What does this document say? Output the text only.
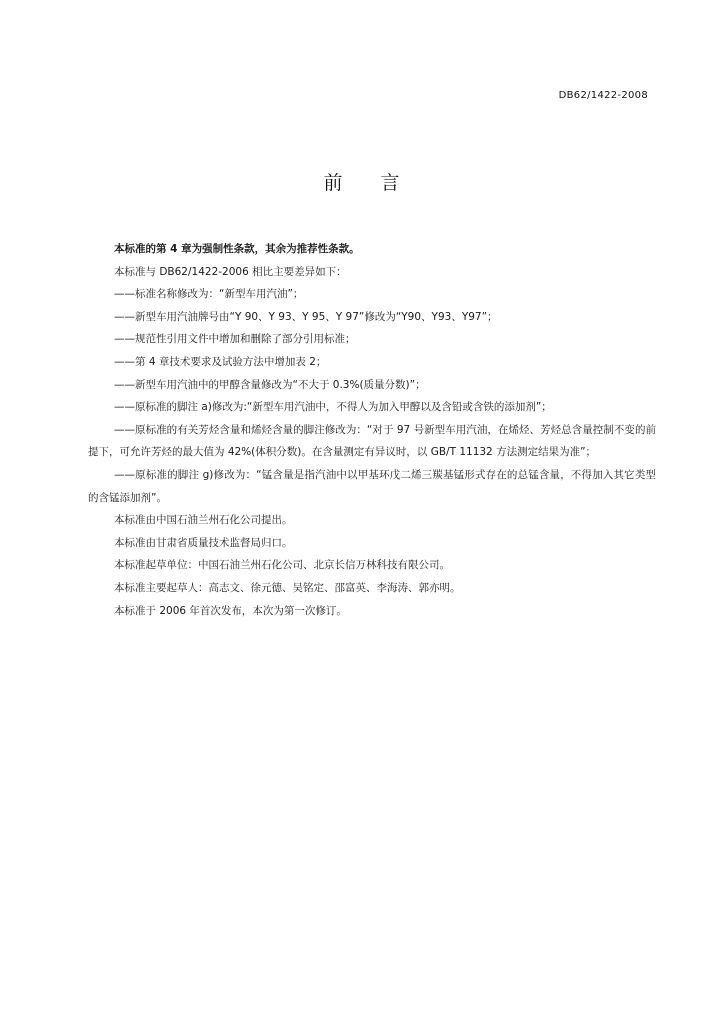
DB62/1422-2008
前 言

本标准的第 4 章为强制性条款，其余为推荐性条款。

本标准与 DB62/1422-2006 相比主要差异如下：

——标准名称修改为：“新型车用汽油”；

——新型车用汽油牌号由“Y 90、Y 93、Y 95、Y 97”修改为“Y90、Y93、Y97”；

——规范性引用文件中增加和删除了部分引用标准；

——第 4 章技术要求及试验方法中增加表 2；

——新型车用汽油中的甲醇含量修改为“不大于 0.3%(质量分数)”；

——原标准的脚注 a)修改为:“新型车用汽油中，不得人为加入甲醇以及含铅或含铁的添加剂”；

——原标准的有关芳烃含量和烯烃含量的脚注修改为：“对于 97 号新型车用汽油，在烯烃、芳烃总含量控制不变的前提下，可允许芳烃的最大值为 42%(体积分数)。在含量测定有异议时，以 GB/T 11132 方法测定结果为准”；

——原标准的脚注 g)修改为：“锰含量是指汽油中以甲基环戊二烯三羰基锰形式存在的总锰含量，不得加入其它类型的含锰添加剂”。

本标准由中国石油兰州石化公司提出。

本标准由甘肃省质量技术监督局归口。

本标准起草单位：中国石油兰州石化公司、北京长信万林科技有限公司。

本标准主要起草人：高志文、徐元德、吴铭定、邵富英、李海涛、郭亦明。

本标准于 2006 年首次发布，本次为第一次修订。
